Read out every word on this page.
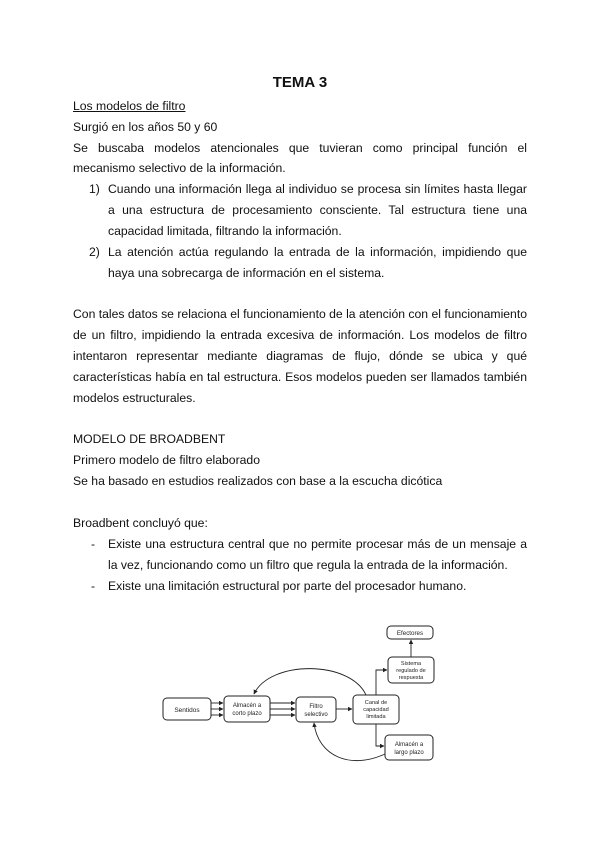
TEMA 3
Los modelos de filtro
Surgió en los años 50 y 60
Se buscaba modelos atencionales que tuvieran como principal función el
mecanismo selectivo de la información.
1) Cuando una información llega al individuo se procesa sin límites hasta llegar
a una estructura de procesamiento consciente. Tal estructura tiene una
capacidad limitada, filtrando la información.
2) La atención actúa regulando la entrada de la información, impidiendo que
haya una sobrecarga de información en el sistema.
Con tales datos se relaciona el funcionamiento de la atención con el funcionamiento
de un filtro, impidiendo la entrada excesiva de información. Los modelos de filtro
intentaron representar mediante diagramas de flujo, dónde se ubica y qué
características había en tal estructura. Esos modelos pueden ser llamados también
modelos estructurales.
MODELO DE BROADBENT
Primero modelo de filtro elaborado
Se ha basado en estudios realizados con base a la escucha dicótica
Broadbent concluyó que:
- Existe una estructura central que no permite procesar más de un mensaje a
la vez, funcionando como un filtro que regula la entrada de la información.
- Existe una limitación estructural por parte del procesador humano.
Sentidos
Almacén a
corto plazo
Filtro
selectivo
Canal de
capacidad
limitada
Sistema
regulado de
respuesta
Efectores
Almacén a
largo plazo
